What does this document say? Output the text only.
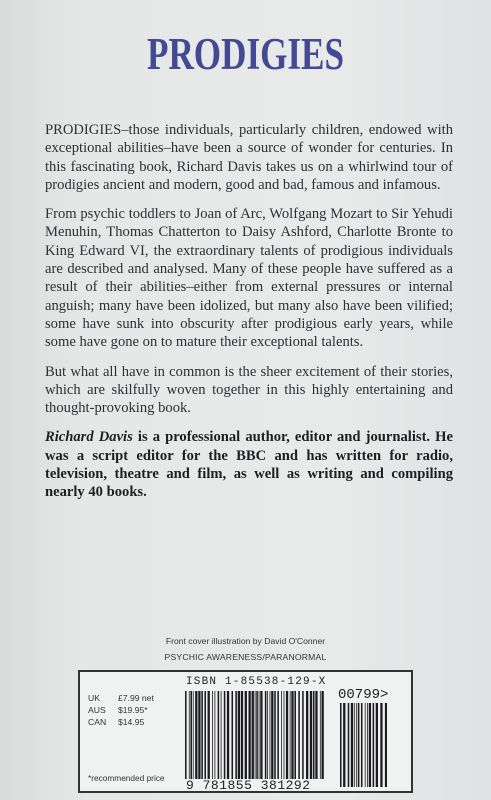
PRODIGIES

PRODIGIES–those individuals, particularly children, endowed with exceptional abilities–have been a source of wonder for centuries. In this fascinating book, Richard Davis takes us on a whirlwind tour of prodigies ancient and modern, good and bad, famous and infamous.

From psychic toddlers to Joan of Arc, Wolfgang Mozart to Sir Yehudi Menuhin, Thomas Chatterton to Daisy Ashford, Charlotte Bronte to King Edward VI, the extraordinary talents of prodigious individuals are described and analysed. Many of these people have suffered as a result of their abilities–either from external pressures or internal anguish; many have been idolized, but many also have been vilified; some have sunk into obscurity after prodigious early years, while some have gone on to mature their exceptional talents.

But what all have in common is the sheer excitement of their stories, which are skilfully woven together in this highly entertaining and thought-provoking book.

Richard Davis is a professional author, editor and journalist. He was a script editor for the BBC and has written for radio, television, theatre and film, as well as writing and compiling nearly 40 books.

Front cover illustration by David O'Conner
PSYCHIC AWARENESS/PARANORMAL
UK	£7.99 net
AUS	$19.95*
CAN	$14.95
*recommended price
ISBN 1-85538-129-X
00799>
9 781855 381292
